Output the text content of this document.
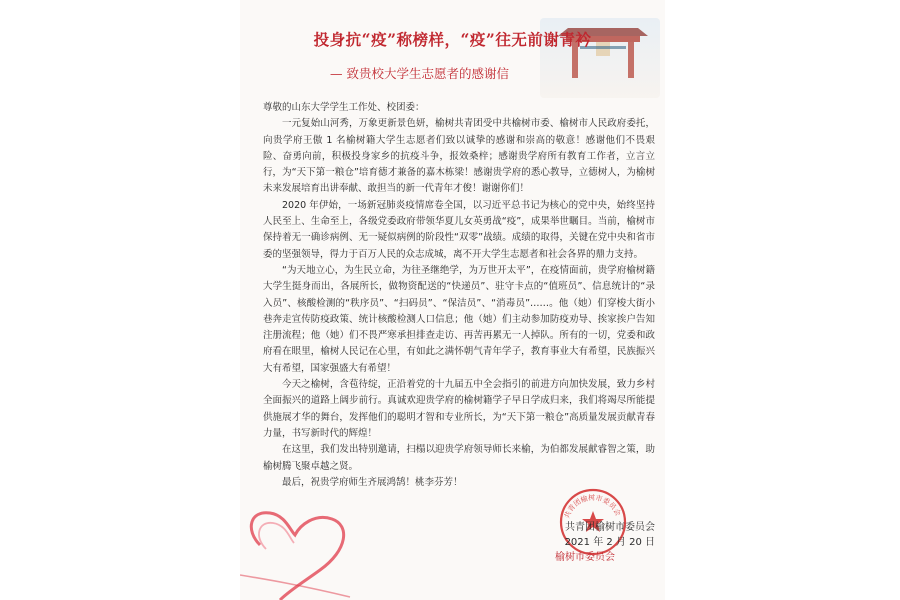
投身抗“疫”称榜样，“疫”往无前谢青衿
— 致贵校大学生志愿者的感谢信

尊敬的山东大学学生工作处、校团委：

一元复始山河秀，万象更新景色妍，榆树共青团受中共榆树市委、榆树市人民政府委托，向贵学府王傲 1 名榆树籍大学生志愿者们致以诚挚的感谢和崇高的敬意！感谢他们不畏艰险、奋勇向前，积极投身家乡的抗疫斗争，报效桑梓；感谢贵学府所有教育工作者，立言立行，为“天下第一粮仓”培育德才兼备的嘉木栋梁！感谢贵学府的悉心教导，立德树人，为榆树未来发展培育出讲奉献、敢担当的新一代青年才俊！谢谢你们！

2020 年伊始，一场新冠肺炎疫情席卷全国，以习近平总书记为核心的党中央，始终坚持人民至上、生命至上，各级党委政府带领华夏儿女英勇战“疫”，成果举世瞩目。当前，榆树市保持着无一确诊病例、无一疑似病例的阶段性“双零”战绩。成绩的取得，关键在党中央和省市委的坚强领导，得力于百万人民的众志成城，离不开大学生志愿者和社会各界的鼎力支持。

“为天地立心，为生民立命，为往圣继绝学，为万世开太平”，在疫情面前，贵学府榆树籍大学生挺身而出，各展所长，做物资配送的“快递员”、驻守卡点的“值班员”、信息统计的“录入员”、核酸检测的“秩序员”、“扫码员”、“保洁员”、“消毒员”……。他（她）们穿梭大街小巷奔走宣传防疫政策、统计核酸检测人口信息；他（她）们主动参加防疫劝导、挨家挨户告知注册流程；他（她）们不畏严寒承担排查走访、再苦再累无一人掉队。所有的一切，党委和政府看在眼里，榆树人民记在心里，有如此之满怀朝气青年学子，教育事业大有希望，民族振兴大有希望，国家强盛大有希望！

今天之榆树，含苞待绽，正沿着党的十九届五中全会指引的前进方向加快发展，致力乡村全面振兴的道路上阔步前行。真诚欢迎贵学府的榆树籍学子早日学成归来，我们将竭尽所能提供施展才华的舞台，发挥他们的聪明才智和专业所长，为“天下第一粮仓”高质量发展贡献青春力量，书写新时代的辉煌！

在这里，我们发出特别邀请，扫榻以迎贵学府领导师长来榆，为伯都发展献睿智之策，助榆树腾飞聚卓越之贤。

最后，祝贵学府师生齐展鸿鹄！桃李芬芳！

共青团榆树市委员会
共青团榆树市委员会
2021 年 2 月 20 日
榆树市委员会
